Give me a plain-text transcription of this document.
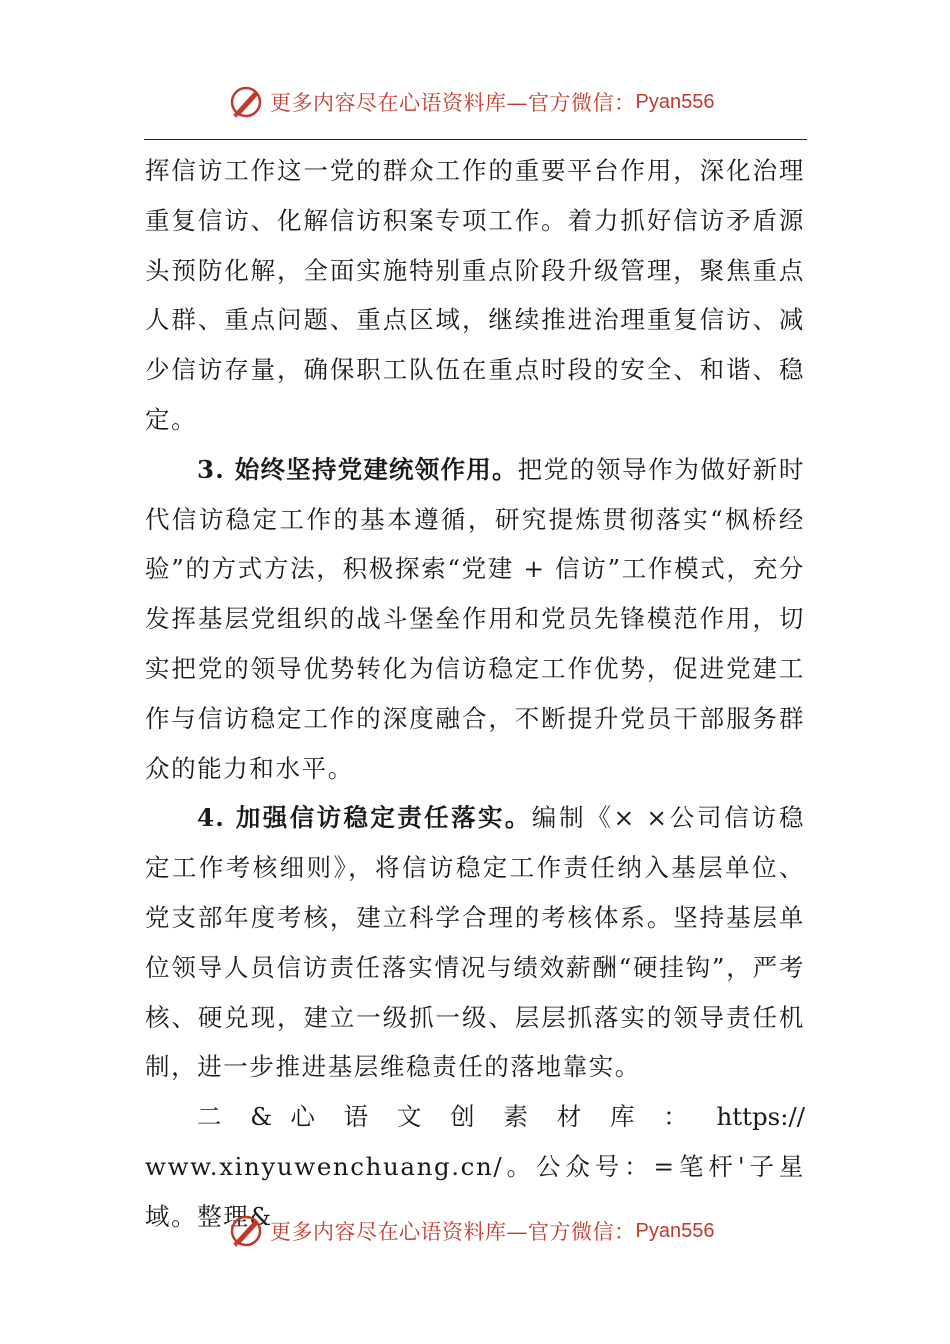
更多内容尽在心语资料库—官方微信： Pyan556

挥信访工作这一党的群众工作的重要平台作用，深化治理重复信访、化解信访积案专项工作。着力抓好信访矛盾源头预防化解，全面实施特别重点阶段升级管理，聚焦重点人群、重点问题、重点区域，继续推进治理重复信访、减少信访存量，确保职工队伍在重点时段的安全、和谐、稳定。

3. 始终坚持党建统领作用。把党的领导作为做好新时代信访稳定工作的基本遵循，研究提炼贯彻落实“枫桥经验”的方式方法，积极探索“党建 + 信访”工作模式，充分发挥基层党组织的战斗堡垒作用和党员先锋模范作用，切实把党的领导优势转化为信访稳定工作优势，促进党建工作与信访稳定工作的深度融合，不断提升党员干部服务群众的能力和水平。

4. 加强信访稳定责任落实。编制《× ×公司信访稳定工作考核细则》，将信访稳定工作责任纳入基层单位、党支部年度考核，建立科学合理的考核体系。坚持基层单位领导人员信访责任落实情况与绩效薪酬“硬挂钩”，严考核、硬兑现，建立一级抓一级、层层抓落实的领导责任机制，进一步推进基层维稳责任的落地靠实。

二 & 心 语 文 创 素 材 库 ： https://

www.xinyuwenchuang.cn/。公众号：=笔杆'子星域。整理&

更多内容尽在心语资料库—官方微信： Pyan556
